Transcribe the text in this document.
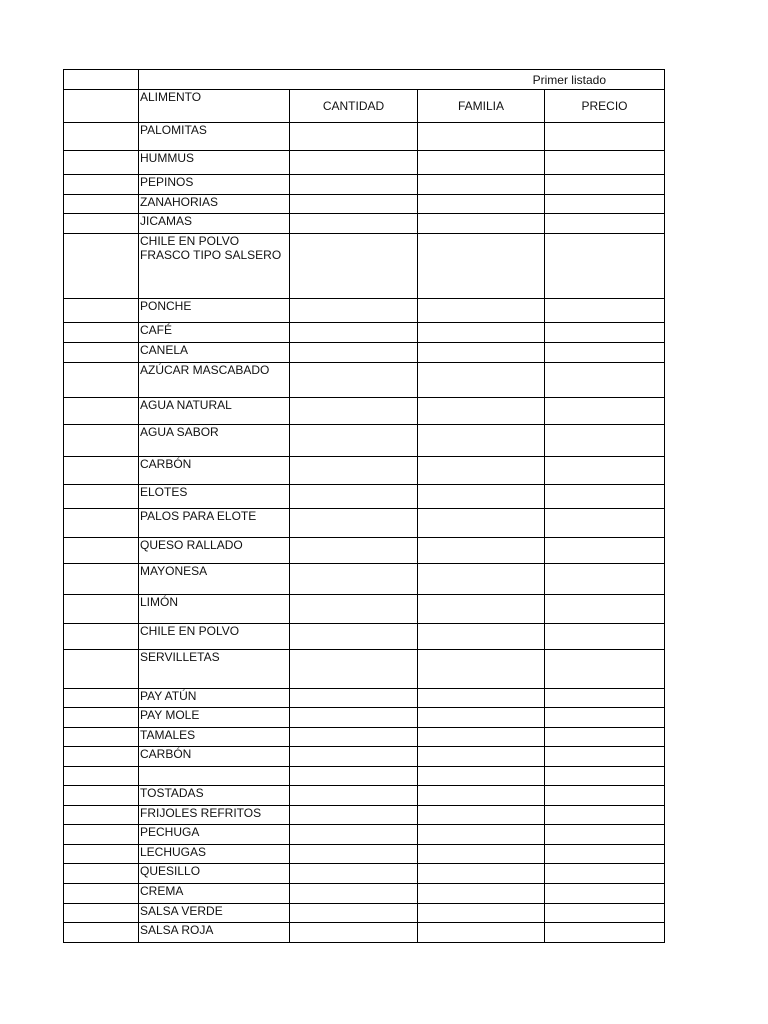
	Primer listado			
	ALIMENTO	CANTIDAD	FAMILIA	PRECIO
	PALOMITAS			
	HUMMUS			
	PEPINOS			
	ZANAHORIAS			
	JICAMAS			
	CHILE EN POLVO FRASCO TIPO SALSERO			
	PONCHE			
	CAFÉ			
	CANELA			
	AZÚCAR MASCABADO			
	AGUA NATURAL			
	AGUA SABOR			
	CARBÓN			
	ELOTES			
	PALOS PARA ELOTE			
	QUESO RALLADO			
	MAYONESA			
	LIMÓN			
	CHILE EN POLVO			
	SERVILLETAS			
	PAY ATÚN			
	PAY MOLE			
	TAMALES			
	CARBÓN			

	TOSTADAS			
	FRIJOLES REFRITOS			
	PECHUGA			
	LECHUGAS			
	QUESILLO			
	CREMA			
	SALSA VERDE			
	SALSA ROJA			
